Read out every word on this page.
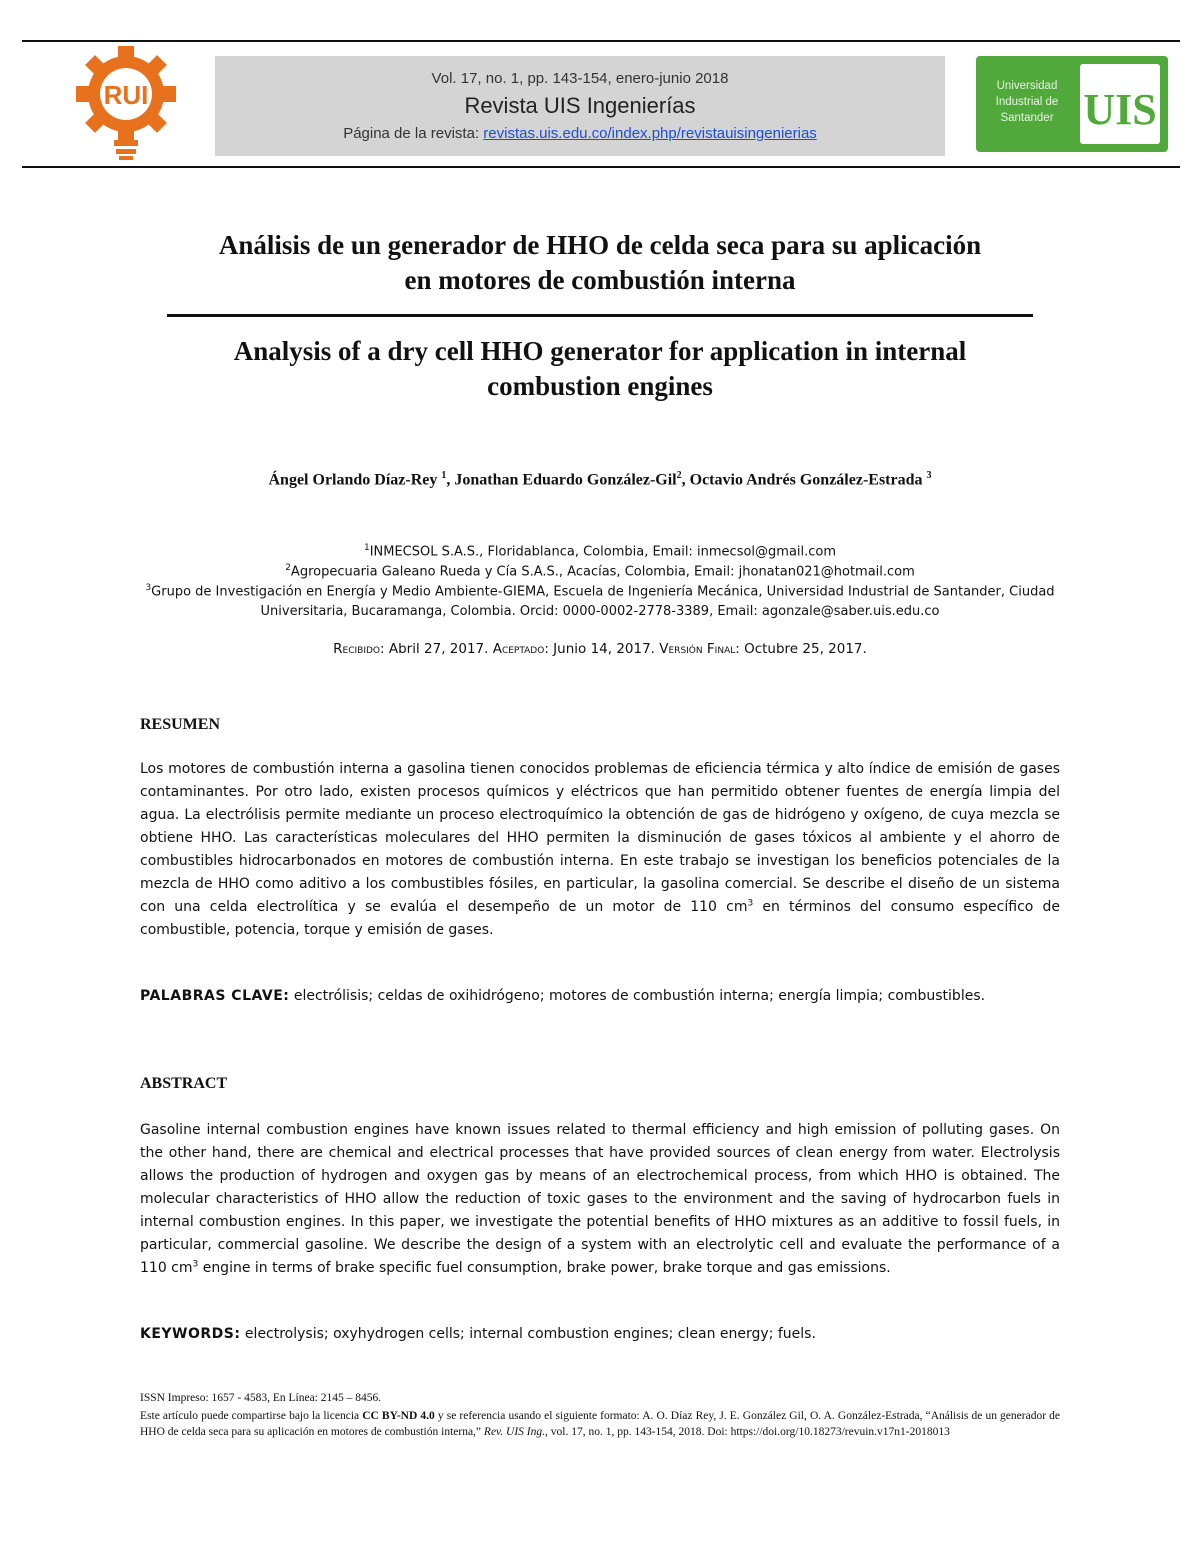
RUI
Vol. 17, no. 1, pp. 143-154, enero-junio 2018
Revista UIS Ingenierías
Página de la revista: revistas.uis.edu.co/index.php/revistauisingenierias
Universidad Industrial de Santander UIS
Análisis de un generador de HHO de celda seca para su aplicación
en motores de combustión interna
Analysis of a dry cell HHO generator for application in internal
combustion engines
Ángel Orlando Díaz-Rey $^1$, Jonathan Eduardo González-Gil$^2$, Octavio Andrés González-Estrada $^3$
$^1$INMECSOL S.A.S., Floridablanca, Colombia, Email: inmecsol@gmail.com
$^2$Agropecuaria Galeano Rueda y Cía S.A.S., Acacías, Colombia, Email: jhonatan021@hotmail.com
$^3$Grupo de Investigación en Energía y Medio Ambiente-GIEMA, Escuela de Ingeniería Mecánica, Universidad Industrial de Santander, Ciudad Universitaria, Bucaramanga, Colombia. Orcid: 0000-0002-2778-3389, Email: agonzale@saber.uis.edu.co
Recibido: Abril 27, 2017. Aceptado: Junio 14, 2017. Versión Final: Octubre 25, 2017.
RESUMEN
Los motores de combustión interna a gasolina tienen conocidos problemas de eficiencia térmica y alto índice de emisión de gases contaminantes. Por otro lado, existen procesos químicos y eléctricos que han permitido obtener fuentes de energía limpia del agua. La electrólisis permite mediante un proceso electroquímico la obtención de gas de hidrógeno y oxígeno, de cuya mezcla se obtiene HHO. Las características moleculares del HHO permiten la disminución de gases tóxicos al ambiente y el ahorro de combustibles hidrocarbonados en motores de combustión interna. En este trabajo se investigan los beneficios potenciales de la mezcla de HHO como aditivo a los combustibles fósiles, en particular, la gasolina comercial. Se describe el diseño de un sistema con una celda electrolítica y se evalúa el desempeño de un motor de 110 $cm^3$ en términos del consumo específico de combustible, potencia, torque y emisión de gases.
PALABRAS CLAVE: electrólisis; celdas de oxihidrógeno; motores de combustión interna; energía limpia; combustibles.
ABSTRACT
Gasoline internal combustion engines have known issues related to thermal efficiency and high emission of polluting gases. On the other hand, there are chemical and electrical processes that have provided sources of clean energy from water. Electrolysis allows the production of hydrogen and oxygen gas by means of an electrochemical process, from which HHO is obtained. The molecular characteristics of HHO allow the reduction of toxic gases to the environment and the saving of hydrocarbon fuels in internal combustion engines. In this paper, we investigate the potential benefits of HHO mixtures as an additive to fossil fuels, in particular, commercial gasoline. We describe the design of a system with an electrolytic cell and evaluate the performance of a 110 $cm^3$ engine in terms of brake specific fuel consumption, brake power, brake torque and gas emissions.
KEYWORDS: electrolysis; oxyhydrogen cells; internal combustion engines; clean energy; fuels.
ISSN Impreso: 1657 - 4583, En Línea: 2145 – 8456.
Este artículo puede compartirse bajo la licencia CC BY-ND 4.0 y se referencia usando el siguiente formato: A. O. Díaz Rey, J. E. González Gil, O. A. González-Estrada, “Análisis de un generador de HHO de celda seca para su aplicación en motores de combustión interna,” Rev. UIS Ing., vol. 17, no. 1, pp. 143-154, 2018. Doi: https://doi.org/10.18273/revuin.v17n1-2018013
